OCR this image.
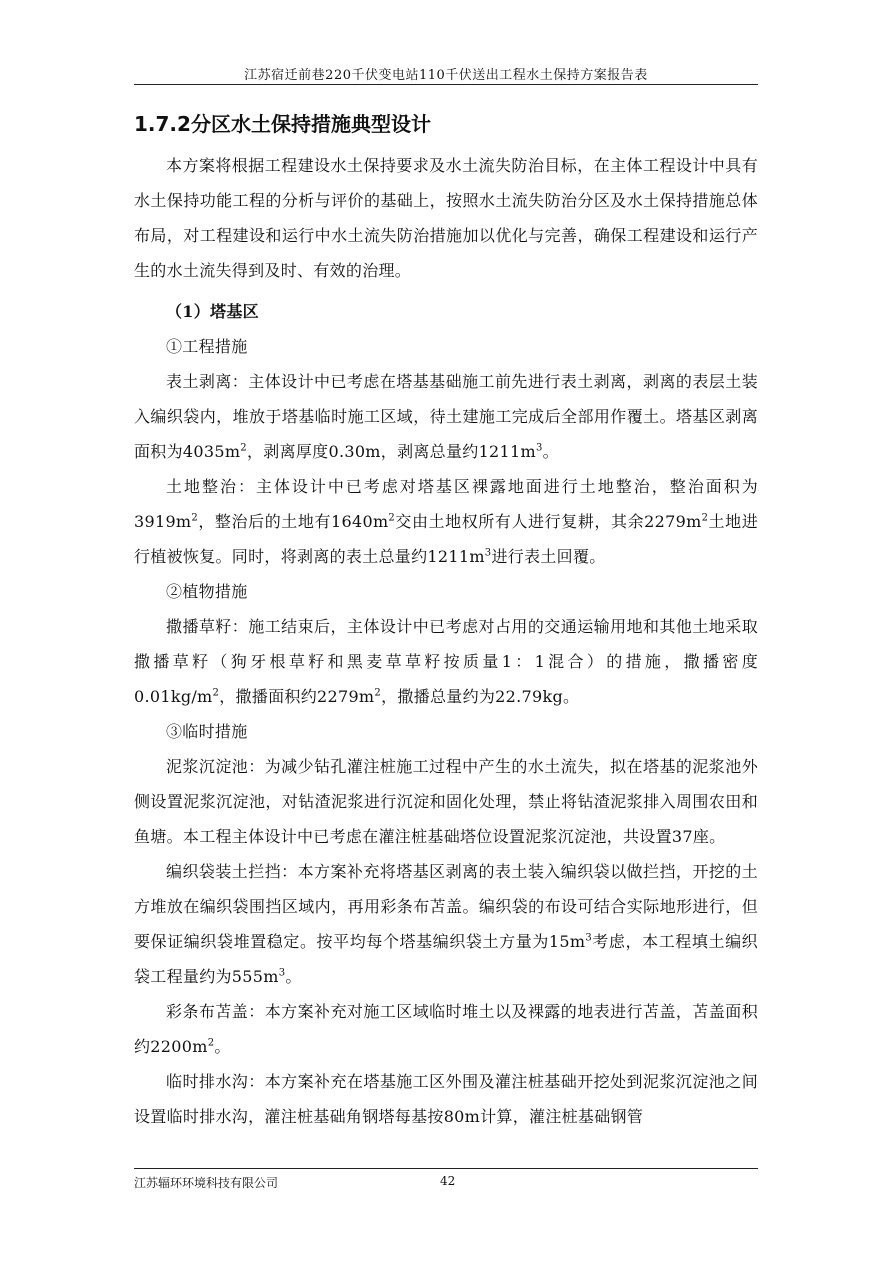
江苏宿迁前巷220千伏变电站110千伏送出工程水土保持方案报告表
1.7.2分区水土保持措施典型设计

本方案将根据工程建设水土保持要求及水土流失防治目标，在主体工程设计中具有水土保持功能工程的分析与评价的基础上，按照水土流失防治分区及水土保持措施总体布局，对工程建设和运行中水土流失防治措施加以优化与完善，确保工程建设和运行产生的水土流失得到及时、有效的治理。

（1）塔基区

①工程措施

表土剥离：主体设计中已考虑在塔基基础施工前先进行表土剥离，剥离的表层土装入编织袋内，堆放于塔基临时施工区域，待土建施工完成后全部用作覆土。塔基区剥离面积为$4035m^2$，剥离厚度0.30m，剥离总量约$1211m^3$。

土地整治：主体设计中已考虑对塔基区裸露地面进行土地整治，整治面积为$3919m^2$，整治后的土地有$1640m^2$交由土地权所有人进行复耕，其余$2279m^2$土地进行植被恢复。同时，将剥离的表土总量约$1211m^3$进行表土回覆。

②植物措施

撒播草籽：施工结束后，主体设计中已考虑对占用的交通运输用地和其他土地采取撒播草籽（狗牙根草籽和黑麦草草籽按质量1：1混合）的措施，撒播密度$0.01kg/m^2$，撒播面积约$2279m^2$，撒播总量约为22.79kg。

③临时措施

泥浆沉淀池：为减少钻孔灌注桩施工过程中产生的水土流失，拟在塔基的泥浆池外侧设置泥浆沉淀池，对钻渣泥浆进行沉淀和固化处理，禁止将钻渣泥浆排入周围农田和鱼塘。本工程主体设计中已考虑在灌注桩基础塔位设置泥浆沉淀池，共设置37座。

编织袋装土拦挡：本方案补充将塔基区剥离的表土装入编织袋以做拦挡，开挖的土方堆放在编织袋围挡区域内，再用彩条布苫盖。编织袋的布设可结合实际地形进行，但要保证编织袋堆置稳定。按平均每个塔基编织袋土方量为$15m^3$考虑，本工程填土编织袋工程量约为$555m^3$。

彩条布苫盖：本方案补充对施工区域临时堆土以及裸露的地表进行苫盖，苫盖面积约$2200m^2$。

临时排水沟：本方案补充在塔基施工区外围及灌注桩基础开挖处到泥浆沉淀池之间设置临时排水沟，灌注桩基础角钢塔每基按80m计算，灌注桩基础钢管

江苏辐环环境科技有限公司	42
